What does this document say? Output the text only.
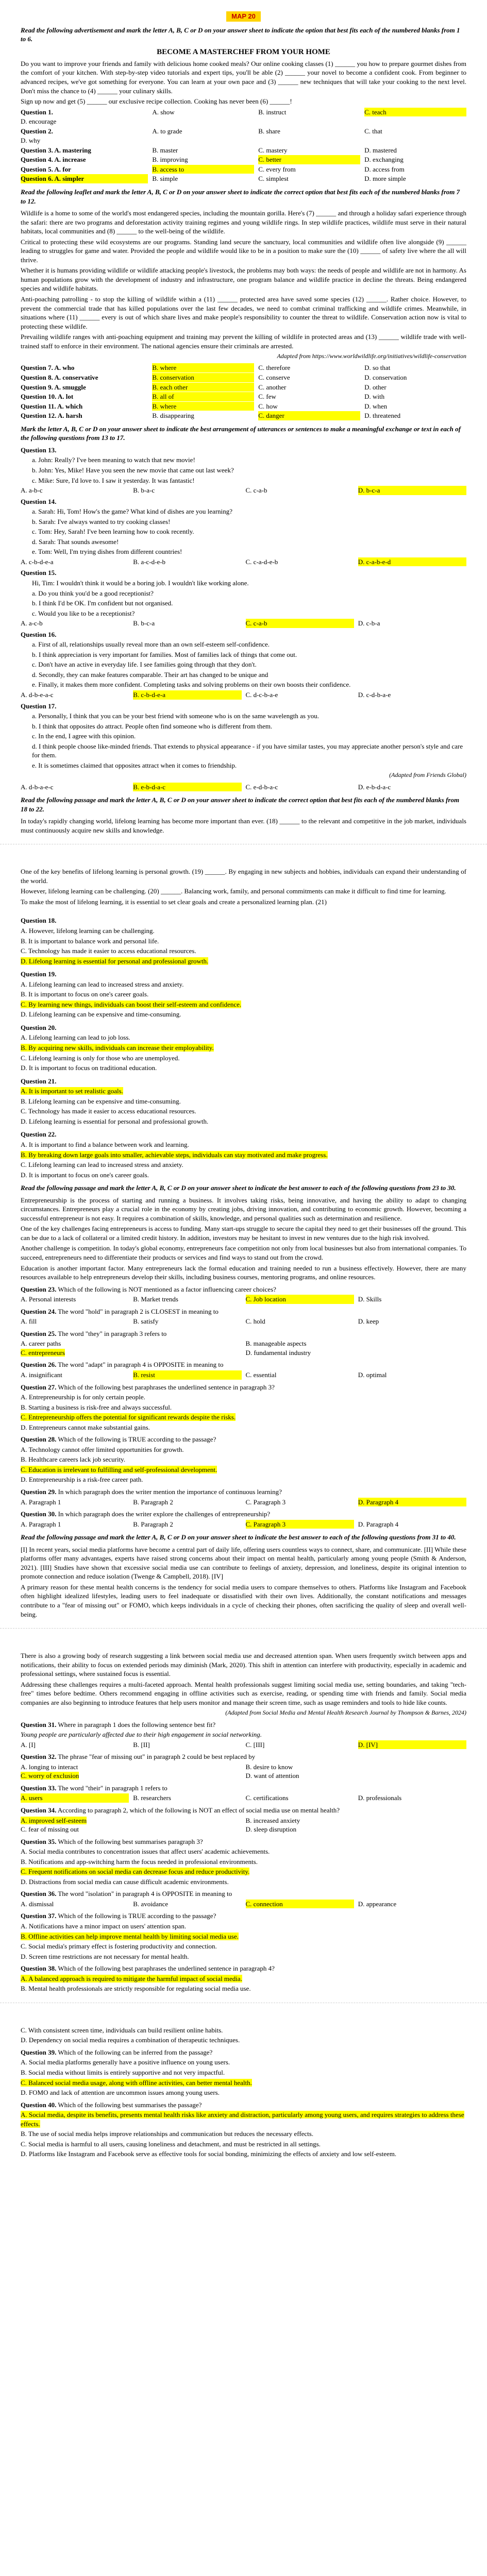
MAP 20
Read the following advertisement and mark the letter A, B, C or D on your answer sheet to indicate the option that best fits each of the numbered blanks from 1 to 6.
BECOME A MASTERCHEF FROM YOUR HOME

Do you want to improve your friends and family with delicious home cooked meals? Our online cooking classes (1) ______ you how to prepare gourmet dishes from the comfort of your kitchen. With step-by-step video tutorials and expert tips, you'll be able (2) ______ your novel to become a confident cook. From beginner to advanced recipes, we've got something for everyone. You can learn at your own pace and (3) ______ new techniques that will take your cooking to the next level. Don't miss the chance to (4) ______ your culinary skills.

Sign up now and get (5) ______ our exclusive recipe collection. Cooking has never been (6) ______!

Question 1.	A. show	B. instruct	C. teach
D. encourage
Question 2.	A. to grade	B. share	C. that
D. why
Question 3. A. mastering	B. master	C. mastery	D. mastered
Question 4. A. increase	B. improving	C. better	D. exchanging
Question 5. A. for	B. access to	C. every from	D. access from
Question 6. A. simpler	B. simple	C. simplest	D. more simple
Read the following leaflet and mark the letter A, B, C or D on your answer sheet to indicate the correct option that best fits each of the numbered blanks from 7 to 12.

Wildlife is a home to some of the world's most endangered species, including the mountain gorilla. Here's (7) ______ and through a holiday safari experience through the safari: there are two programs and deforestation activity training regimes and young wildlife rings. In step wildlife practices, wildlife must serve in their natural habitats, local communities and (8) ______ to the well-being of the wildlife.

Critical to protecting these wild ecosystems are our programs. Standing land secure the sanctuary, local communities and wildlife often live alongside (9) ______ leading to struggles for game and water. Provided the people and wildlife would like to be in a position to make sure the (10) ______ of safety live where the all will thrive.

Whether it is humans providing wildlife or wildlife attacking people's livestock, the problems may both ways: the needs of people and wildlife are not in harmony. As human populations grow with the development of industry and infrastructure, one program balance and wildlife practice in decline the threats. Being endangered species and wildlife habitats.

Anti-poaching patrolling - to stop the killing of wildlife within a (11) ______ protected area have saved some species (12) ______. Rather choice. However, to prevent the commercial trade that has killed populations over the last few decades, we need to combat criminal trafficking and wildlife crimes. Meanwhile, in situations where (11) ______ every is out of which share lives and make people's responsibility to counter the threat to wildlife. Conservation action now is vital to protecting these wildlife.

Prevailing wildlife ranges with anti-poaching equipment and training may prevent the killing of wildlife in protected areas and (13) ______ wildlife trade with well-trained staff to enforce in their environment. The national agencies ensure their criminals are arrested.

Adapted from https://www.worldwildlife.org/initiatives/wildlife-conservation
Question 7. A. who	B. where	C. therefore	D. so that
Question 8. A. conservative	B. conservation	C. conserve	D. conservation
Question 9. A. smuggle	B. each other	C. another	D. other
Question 10. A. lot	B. all of	C. few	D. with
Question 11. A. which	B. where	C. how	D. when
Question 12. A. harsh	B. disappearing	C. danger	D. threatened
Mark the letter A, B, C or D on your answer sheet to indicate the best arrangement of utterances or sentences to make a meaningful exchange or text in each of the following questions from 13 to 17.
Question 13.
a. John: Really? I've been meaning to watch that new movie!
b. John: Yes, Mike! Have you seen the new movie that came out last week?
c. Mike: Sure, I'd love to. I saw it yesterday. It was fantastic!
A. a-b-c	B. b-a-c	C. c-a-b	D. b-c-a
Question 14.
a. Sarah: Hi, Tom! How's the game? What kind of dishes are you learning?
b. Sarah: I've always wanted to try cooking classes!
c. Tom: Hey, Sarah! I've been learning how to cook recently.
d. Sarah: That sounds awesome!
e. Tom: Well, I'm trying dishes from different countries!
A. c-b-d-e-a	B. a-c-d-e-b	C. c-a-d-e-b	D. c-a-b-e-d
Question 15.
Hi, Tim: I wouldn't think it would be a boring job. I wouldn't like working alone.
a. Do you think you'd be a good receptionist?
b. I think I'd be OK. I'm confident but not organised.
c. Would you like to be a receptionist?
A. a-c-b	B. b-c-a	C. c-a-b	D. c-b-a
Question 16.
a. First of all, relationships usually reveal more than an own self-esteem self-confidence.
b. I think appreciation is very important for families. Most of families lack of things that come out.
c. Don't have an active in everyday life. I see families going through that they don't.
d. Secondly, they can make features comparable. Their art has changed to be unique and
e. Finally, it makes them more confident. Completing tasks and solving problems on their own boosts their confidence.
A. d-b-e-a-c	B. c-b-d-e-a	C. d-c-b-a-e	D. c-d-b-a-e
Question 17.
a. Personally, I think that you can be your best friend with someone who is on the same wavelength as you.
b. I think that opposites do attract. People often find someone who is different from them.
c. In the end, I agree with this opinion.
d. I think people choose like-minded friends. That extends to physical appearance - if you have similar tastes, you may appreciate another person's style and care for them.
e. It is sometimes claimed that opposites attract when it comes to friendship.
(Adapted from Friends Global)
A. d-b-a-e-c	B. e-b-d-a-c	C. e-d-b-a-c	D. e-b-d-a-c
Read the following passage and mark the letter A, B, C or D on your answer sheet to indicate the correct option that best fits each of the numbered blanks from 18 to 22.

In today's rapidly changing world, lifelong learning has become more important than ever. (18) ______ to the relevant and competitive in the job market, individuals must continuously acquire new skills and knowledge.

One of the key benefits of lifelong learning is personal growth. (19) ______. By engaging in new subjects and hobbies, individuals can expand their understanding of the world.

However, lifelong learning can be challenging. (20) ______. Balancing work, family, and personal commitments can make it difficult to find time for learning.

To make the most of lifelong learning, it is essential to set clear goals and create a personalized learning plan. (21)

Question 18.
A. However, lifelong learning can be challenging.
B. It is important to balance work and personal life.
C. Technology has made it easier to access educational resources.
D. Lifelong learning is essential for personal and professional growth.
Question 19.
A. Lifelong learning can lead to increased stress and anxiety.
B. It is important to focus on one's career goals.
C. By learning new things, individuals can boost their self-esteem and confidence.
D. Lifelong learning can be expensive and time-consuming.
Question 20.
A. Lifelong learning can lead to job loss.
B. By acquiring new skills, individuals can increase their employability.
C. Lifelong learning is only for those who are unemployed.
D. It is important to focus on traditional education.
Question 21.
A. It is important to set realistic goals.
B. Lifelong learning can be expensive and time-consuming.
C. Technology has made it easier to access educational resources.
D. Lifelong learning is essential for personal and professional growth.
Question 22.
A. It is important to find a balance between work and learning.
B. By breaking down large goals into smaller, achievable steps, individuals can stay motivated and make progress.
C. Lifelong learning can lead to increased stress and anxiety.
D. It is important to focus on one's career goals.
Read the following passage and mark the letter A, B, C or D on your answer sheet to indicate the best answer to each of the following questions from 23 to 30.

Entrepreneurship is the process of starting and running a business. It involves taking risks, being innovative, and having the ability to adapt to changing circumstances. Entrepreneurs play a crucial role in the economy by creating jobs, driving innovation, and contributing to economic growth. However, becoming a successful entrepreneur is not easy. It requires a combination of skills, knowledge, and personal qualities such as determination and resilience.

One of the key challenges facing entrepreneurs is access to funding. Many start-ups struggle to secure the capital they need to get their businesses off the ground. This can be due to a lack of collateral or a limited credit history. In addition, investors may be hesitant to invest in new ventures due to the high risk involved.

Another challenge is competition. In today's global economy, entrepreneurs face competition not only from local businesses but also from international companies. To succeed, entrepreneurs need to differentiate their products or services and find ways to stand out from the crowd.

Education is another important factor. Many entrepreneurs lack the formal education and training needed to run a business effectively. However, there are many resources available to help entrepreneurs develop their skills, including business courses, mentoring programs, and online resources.

Question 23. Which of the following is NOT mentioned as a factor influencing career choices?
A. Personal interests	B. Market trends	C. Job location	D. Skills
Question 24. The word "hold" in paragraph 2 is CLOSEST in meaning to
A. fill	B. satisfy	C. hold	D. keep
Question 25. The word "they" in paragraph 3 refers to
A. career paths	B. manageable aspects
C. entrepreneurs	D. fundamental industry
Question 26. The word "adapt" in paragraph 4 is OPPOSITE in meaning to
A. insignificant	B. resist	C. essential	D. optimal
Question 27. Which of the following best paraphrases the underlined sentence in paragraph 3?
A. Entrepreneurship is for only certain people.
B. Starting a business is risk-free and always successful.
C. Entrepreneurship offers the potential for significant rewards despite the risks.
D. Entrepreneurs cannot make substantial gains.
Question 28. Which of the following is TRUE according to the passage?
A. Technology cannot offer limited opportunities for growth.
B. Healthcare careers lack job security.
C. Education is irrelevant to fulfilling and self-professional development.
D. Entrepreneurship is a risk-free career path.
Question 29. In which paragraph does the writer mention the importance of continuous learning?
A. Paragraph 1	B. Paragraph 2	C. Paragraph 3	D. Paragraph 4
Question 30. In which paragraph does the writer explore the challenges of entrepreneurship?
A. Paragraph 1	B. Paragraph 2	C. Paragraph 3	D. Paragraph 4
Read the following passage and mark the letter A, B, C or D on your answer sheet to indicate the best answer to each of the following questions from 31 to 40.

[I] In recent years, social media platforms have become a central part of daily life, offering users countless ways to connect, share, and communicate. [II] While these platforms offer many advantages, experts have raised strong concerns about their impact on mental health, particularly among young people (Smith & Anderson, 2021). [III] Studies have shown that excessive social media use can contribute to feelings of anxiety, depression, and loneliness, despite its original intention to promote connection and reduce isolation (Twenge & Campbell, 2018). [IV]

A primary reason for these mental health concerns is the tendency for social media users to compare themselves to others. Platforms like Instagram and Facebook often highlight idealized lifestyles, leading users to feel inadequate or dissatisfied with their own lives. Additionally, the constant notifications and messages contribute to a "fear of missing out" or FOMO, which keeps individuals in a cycle of checking their phones, often sacrificing the quality of sleep and overall well-being.

There is also a growing body of research suggesting a link between social media use and decreased attention span. When users frequently switch between apps and notifications, their ability to focus on extended periods may diminish (Mark, 2020). This shift in attention can interfere with productivity, especially in academic and professional settings, where sustained focus is essential.

Addressing these challenges requires a multi-faceted approach. Mental health professionals suggest limiting social media use, setting boundaries, and taking "tech-free" times before bedtime. Others recommend engaging in offline activities such as exercise, reading, or spending time with friends and family. Social media companies are also beginning to introduce features that help users monitor and manage their screen time, such as usage reminders and tools to hide like counts.

(Adapted from Social Media and Mental Health Research Journal by Thompson & Barnes, 2024)
Question 31. Where in paragraph 1 does the following sentence best fit?
Young people are particularly affected due to their high engagement in social networking.
A. [I]	B. [II]	C. [III]	D. [IV]
Question 32. The phrase "fear of missing out" in paragraph 2 could be best replaced by
A. longing to interact	B. desire to know
C. worry of exclusion	D. want of attention
Question 33. The word "their" in paragraph 1 refers to
A. users	B. researchers	C. certifications	D. professionals
Question 34. According to paragraph 2, which of the following is NOT an effect of social media use on mental health?
A. improved self-esteem	B. increased anxiety
C. fear of missing out	D. sleep disruption
Question 35. Which of the following best summarises paragraph 3?
A. Social media contributes to concentration issues that affect users' academic achievements.
B. Notifications and app-switching harm the focus needed in professional environments.
C. Frequent notifications on social media can decrease focus and reduce productivity.
D. Distractions from social media can cause difficult academic environments.
Question 36. The word "isolation" in paragraph 4 is OPPOSITE in meaning to
A. dismissal	B. avoidance	C. connection	D. appearance
Question 37. Which of the following is TRUE according to the passage?
A. Notifications have a minor impact on users' attention span.
B. Offline activities can help improve mental health by limiting social media use.
C. Social media's primary effect is fostering productivity and connection.
D. Screen time restrictions are not necessary for mental health.
Question 38. Which of the following best paraphrases the underlined sentence in paragraph 4?
A. A balanced approach is required to mitigate the harmful impact of social media.
B. Mental health professionals are strictly responsible for regulating social media use.
C. With consistent screen time, individuals can build resilient online habits.
D. Dependency on social media requires a combination of therapeutic techniques.
Question 39. Which of the following can be inferred from the passage?
A. Social media platforms generally have a positive influence on young users.
B. Social media without limits is entirely supportive and not very impactful.
C. Balanced social media usage, along with offline activities, can better mental health.
D. FOMO and lack of attention are uncommon issues among young users.
Question 40. Which of the following best summarises the passage?
A. Social media, despite its benefits, presents mental health risks like anxiety and distraction, particularly among young users, and requires strategies to address these effects.
B. The use of social media helps improve relationships and communication but reduces the necessary effects.
C. Social media is harmful to all users, causing loneliness and detachment, and must be restricted in all settings.
D. Platforms like Instagram and Facebook serve as effective tools for social bonding, minimizing the effects of anxiety and low self-esteem.
